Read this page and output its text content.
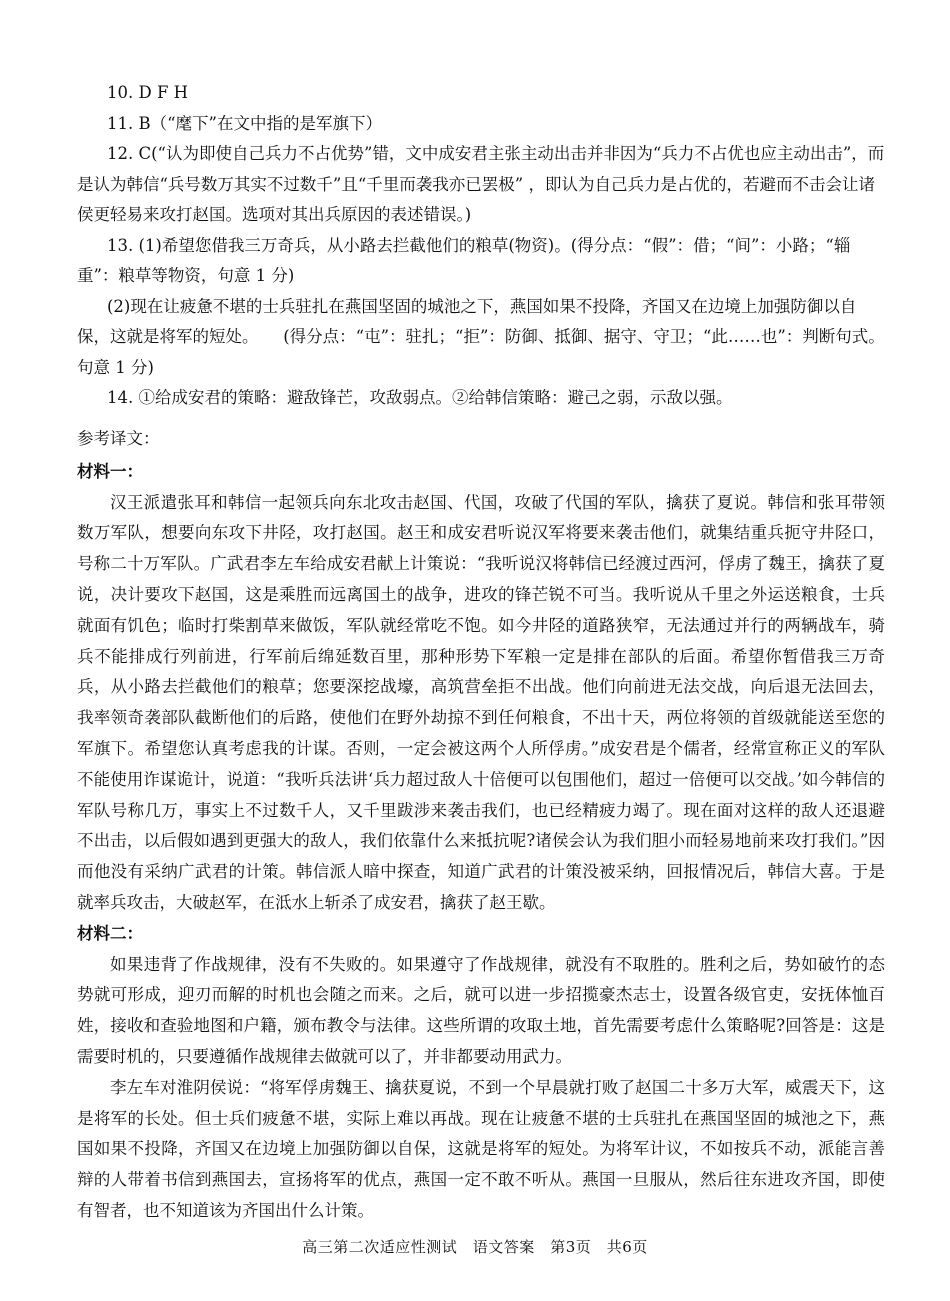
10. D F H

11. B（“麾下”在文中指的是军旗下）

12. C(“认为即使自己兵力不占优势”错，文中成安君主张主动出击并非因为“兵力不占优也应主动出击”，而是认为韩信“兵号数万其实不过数千”且“千里而袭我亦已罢极” ，即认为自己兵力是占优的，若避而不击会让诸侯更轻易来攻打赵国。选项对其出兵原因的表述错误。)

13. (1)希望您借我三万奇兵，从小路去拦截他们的粮草(物资)。(得分点：“假”：借；“间”：小路；“辎重”：粮草等物资，句意 1 分)

(2)现在让疲惫不堪的士兵驻扎在燕国坚固的城池之下，燕国如果不投降，齐国又在边境上加强防御以自保，这就是将军的短处。　　(得分点：“屯”：驻扎；“拒”：防御、抵御、据守、守卫；“此……也”：判断句式。句意 1 分)

14. ①给成安君的策略：避敌锋芒，攻敌弱点。②给韩信策略：避己之弱，示敌以强。

参考译文：

材料一：

汉王派遣张耳和韩信一起领兵向东北攻击赵国、代国，攻破了代国的军队，擒获了夏说。韩信和张耳带领数万军队，想要向东攻下井陉，攻打赵国。赵王和成安君听说汉军将要来袭击他们，就集结重兵扼守井陉口，号称二十万军队。广武君李左车给成安君献上计策说：“我听说汉将韩信已经渡过西河，俘虏了魏王，擒获了夏说，决计要攻下赵国，这是乘胜而远离国土的战争，进攻的锋芒锐不可当。我听说从千里之外运送粮食，士兵就面有饥色；临时打柴割草来做饭，军队就经常吃不饱。如今井陉的道路狭窄，无法通过并行的两辆战车，骑兵不能排成行列前进，行军前后绵延数百里，那种形势下军粮一定是排在部队的后面。希望你暂借我三万奇兵，从小路去拦截他们的粮草；您要深挖战壕，高筑营垒拒不出战。他们向前进无法交战，向后退无法回去，我率领奇袭部队截断他们的后路，使他们在野外劫掠不到任何粮食，不出十天，两位将领的首级就能送至您的军旗下。希望您认真考虑我的计谋。否则，一定会被这两个人所俘虏。”成安君是个儒者，经常宣称正义的军队不能使用诈谋诡计，说道：“我听兵法讲‘兵力超过敌人十倍便可以包围他们，超过一倍便可以交战。’如今韩信的军队号称几万，事实上不过数千人，又千里跋涉来袭击我们，也已经精疲力竭了。现在面对这样的敌人还退避不出击，以后假如遇到更强大的敌人，我们依靠什么来抵抗呢?诸侯会认为我们胆小而轻易地前来攻打我们。”因而他没有采纳广武君的计策。韩信派人暗中探查，知道广武君的计策没被采纳，回报情况后，韩信大喜。于是就率兵攻击，大破赵军，在泜水上斩杀了成安君，擒获了赵王歇。

材料二：

如果违背了作战规律，没有不失败的。如果遵守了作战规律，就没有不取胜的。胜利之后，势如破竹的态势就可形成，迎刃而解的时机也会随之而来。之后，就可以进一步招揽豪杰志士，设置各级官吏，安抚体恤百姓，接收和查验地图和户籍，颁布教令与法律。这些所谓的攻取土地，首先需要考虑什么策略呢?回答是：这是需要时机的，只要遵循作战规律去做就可以了，并非都要动用武力。

李左车对淮阴侯说：“将军俘虏魏王、擒获夏说，不到一个早晨就打败了赵国二十多万大军，威震天下，这是将军的长处。但士兵们疲惫不堪，实际上难以再战。现在让疲惫不堪的士兵驻扎在燕国坚固的城池之下，燕国如果不投降，齐国又在边境上加强防御以自保，这就是将军的短处。为将军计议，不如按兵不动，派能言善辩的人带着书信到燕国去，宣扬将军的优点，燕国一定不敢不听从。燕国一旦服从，然后往东进攻齐国，即使有智者，也不知道该为齐国出什么计策。

高三第二次适应性测试　语文答案　第3页　共6页
